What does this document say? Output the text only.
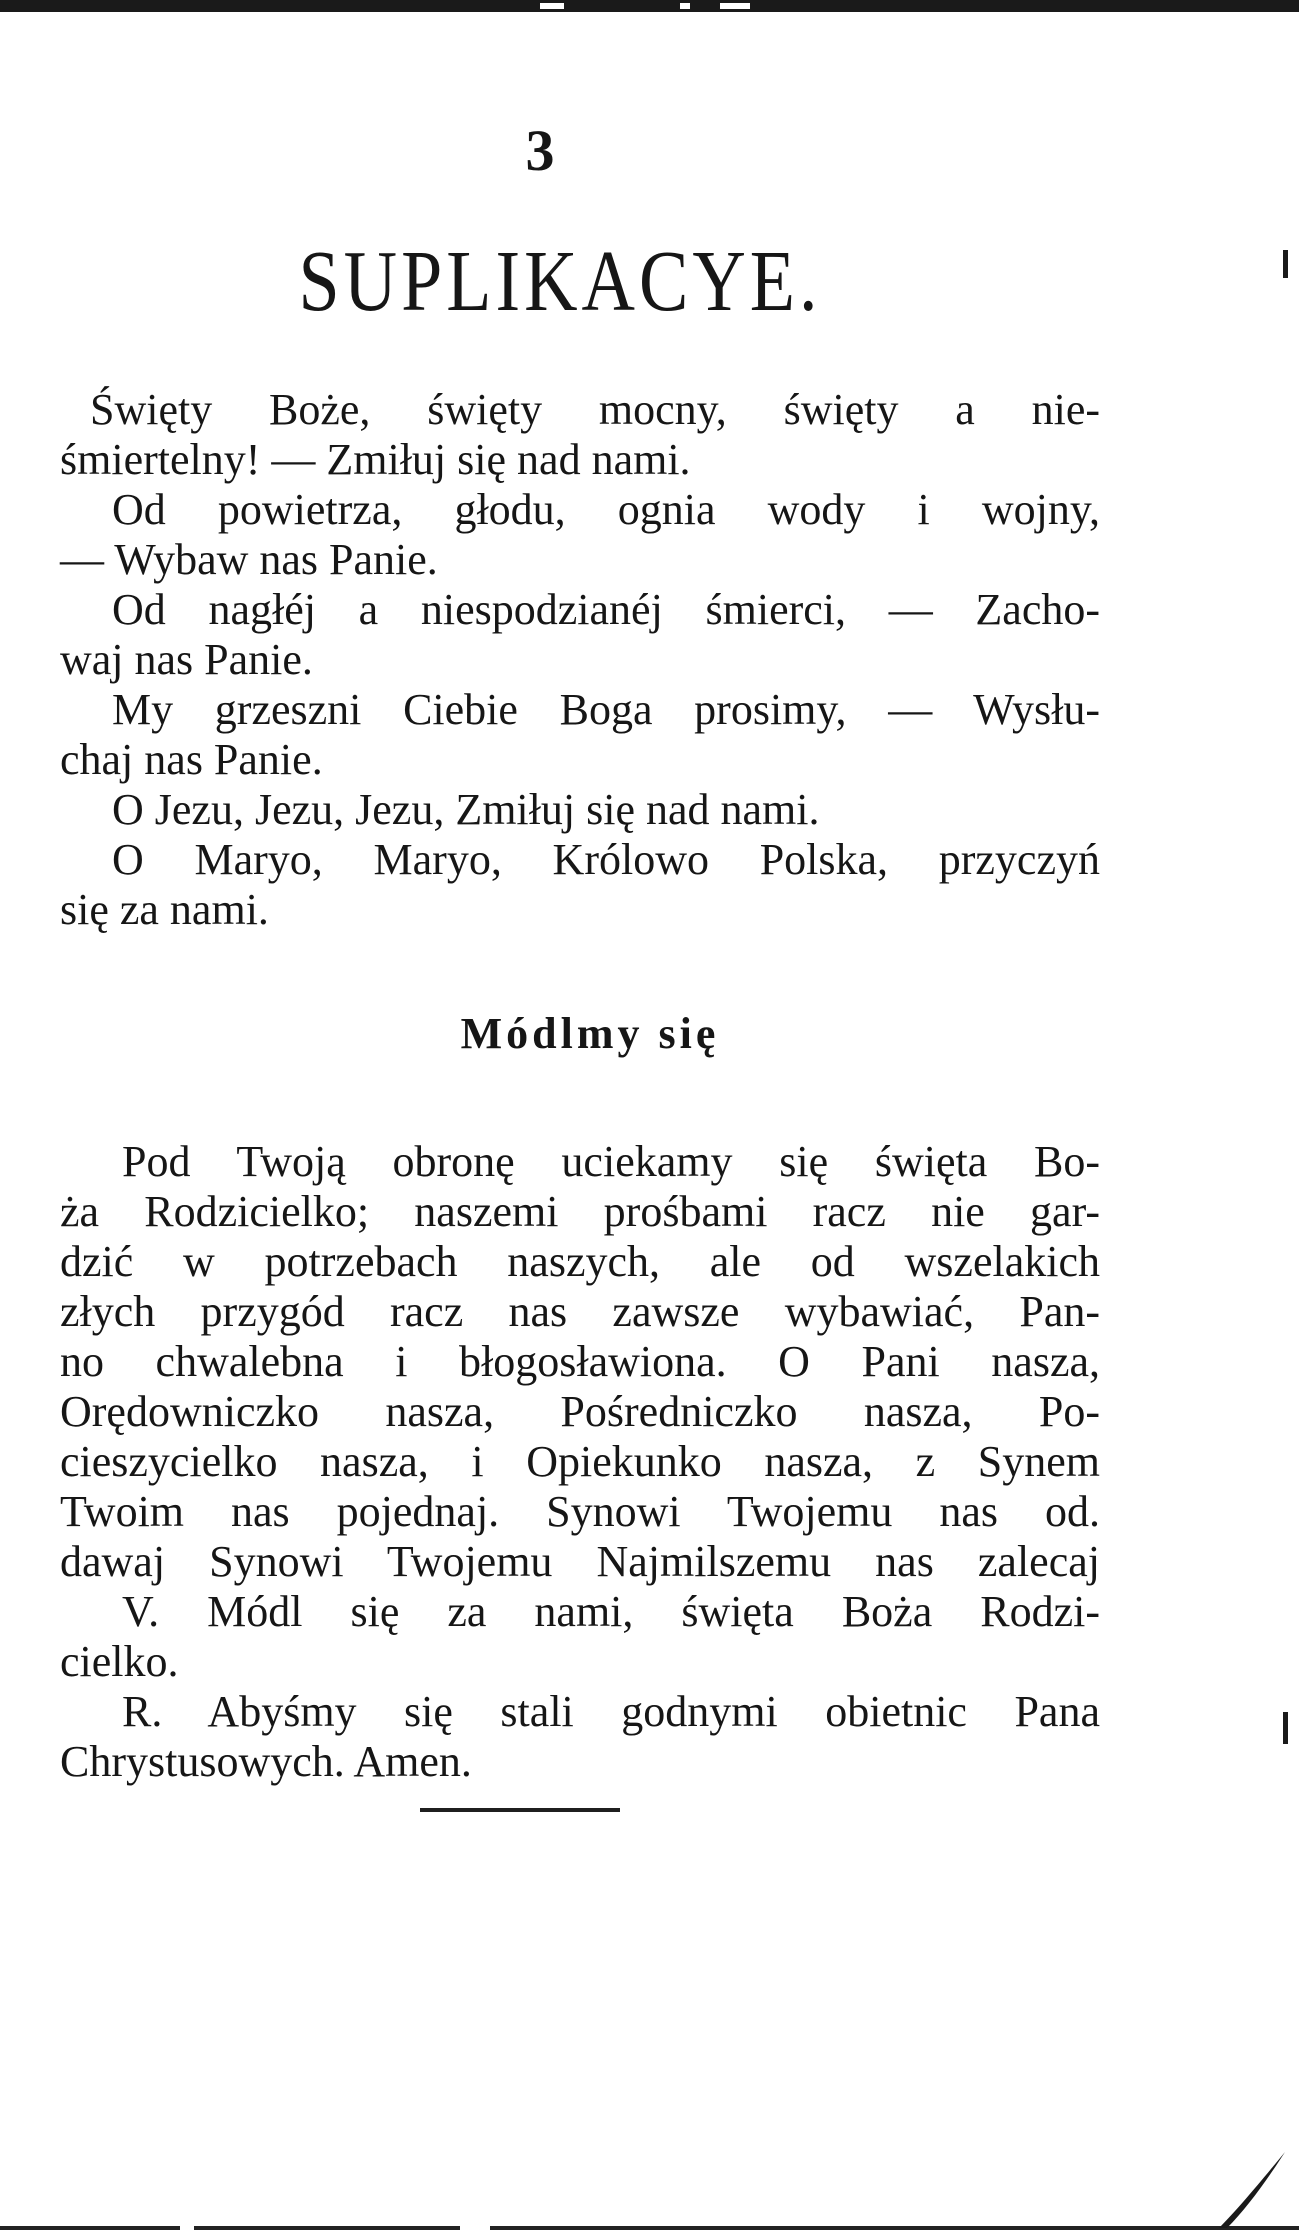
3
SUPLIKACYE.
Święty Boże, święty mocny, święty a nie-
śmiertelny! — Zmiłuj się nad nami.
Od powietrza, głodu, ognia wody i wojny,
— Wybaw nas Panie.
Od nagłéj a niespodzianéj śmierci, — Zacho-
waj nas Panie.
My grzeszni Ciebie Boga prosimy, — Wysłu-
chaj nas Panie.
O Jezu, Jezu, Jezu, Zmiłuj się nad nami.
O Maryo, Maryo, Królowo Polska, przyczyń
się za nami.
Módlmy się
Pod Twoją obronę uciekamy się święta Bo-
ża Rodzicielko; naszemi prośbami racz nie gar-
dzić w potrzebach naszych, ale od wszelakich
złych przygód racz nas zawsze wybawiać, Pan-
no chwalebna i błogosławiona. O Pani nasza,
Orędowniczko nasza, Pośredniczko nasza, Po-
cieszycielko nasza, i Opiekunko nasza, z Synem
Twoim nas pojednaj. Synowi Twojemu nas od.
dawaj Synowi Twojemu Najmilszemu nas zalecaj
V. Módl się za nami, święta Boża Rodzi-
cielko.
R. Abyśmy się stali godnymi obietnic Pana
Chrystusowych. Amen.
